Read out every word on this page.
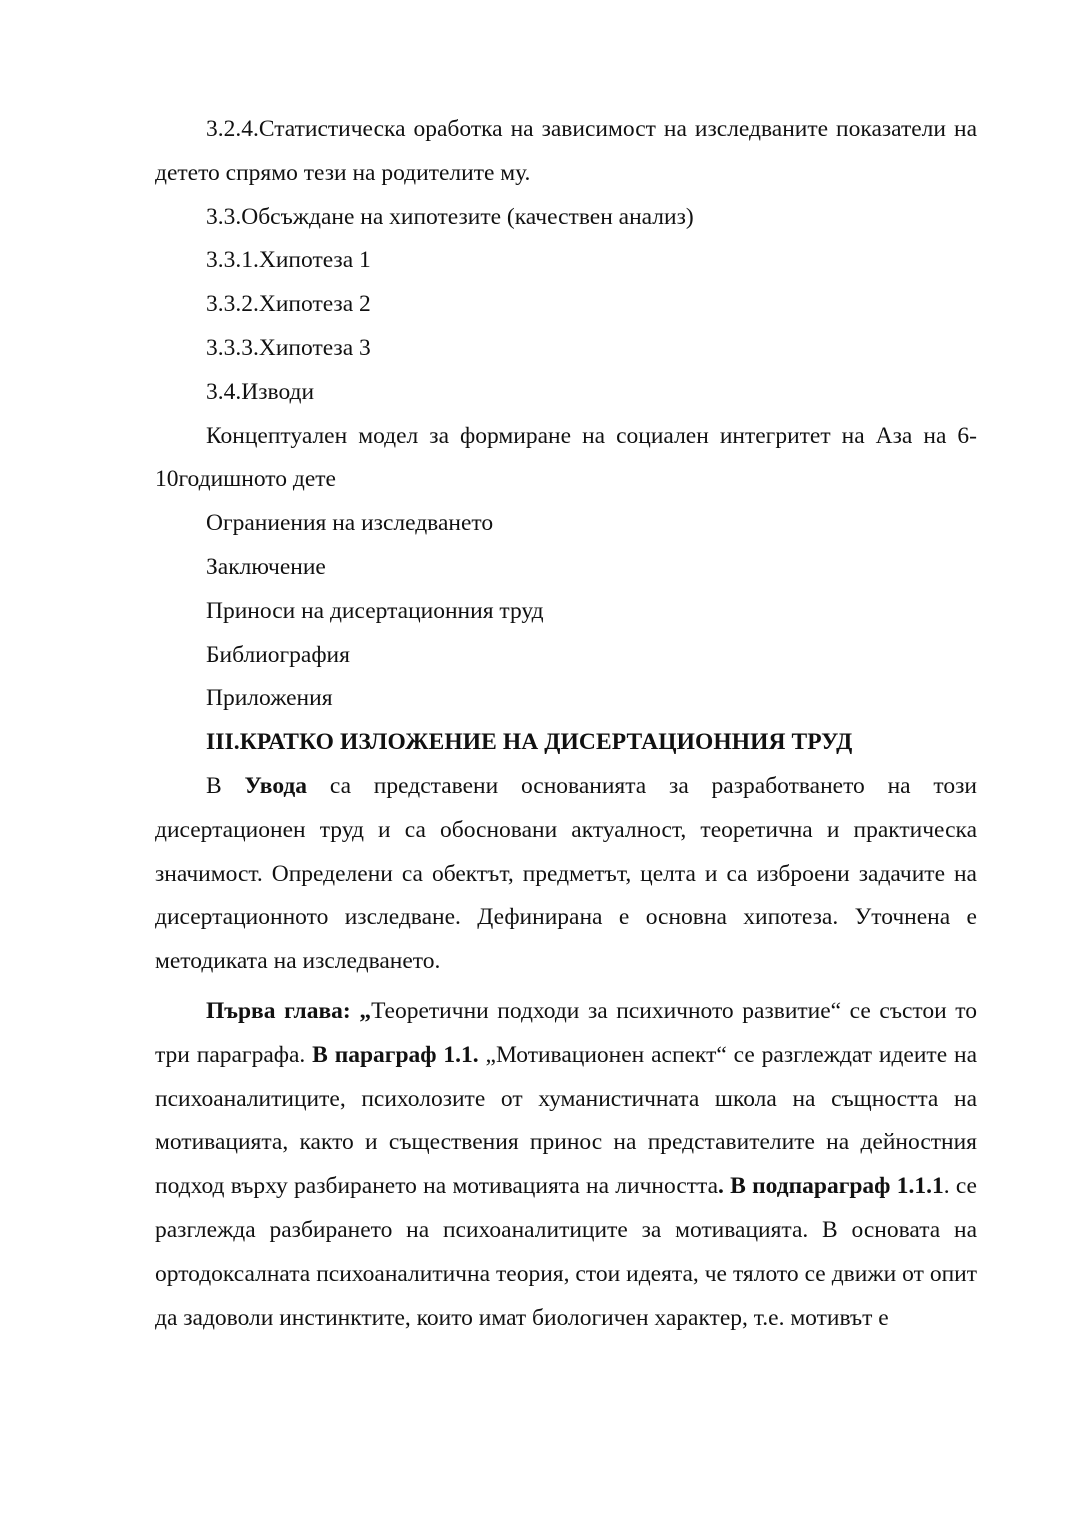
3.2.4.Статистическа оработка на зависимост на изследваните показатели на детето спрямо тези на родителите му.

3.3.Обсъждане на хипотезите (качествен анализ)

3.3.1.Хипотеза 1

3.3.2.Хипотеза 2

3.3.3.Хипотеза 3

3.4.Изводи

Концептуален модел за формиране на социален интегритет на Аза на 6-10годишното дете

Ограниения на изследването

Заключение

Приноси на дисертационния труд

Библиография

Приложения

III.КРАТКО ИЗЛОЖЕНИЕ НА ДИСЕРТАЦИОННИЯ ТРУД

В Увода са представени основанията за разработването на този дисертационен труд и са обосновани актуалност, теоретична и практическа значимост. Определени са обектът, предметът, целта и са изброени задачите на дисертационното изследване. Дефинирана е основна хипотеза. Уточнена е методиката на изследването.

Първа глава: „Теоретични подходи за психичното развитие“ се състои то три параграфа. В параграф 1.1. „Мотивационен аспект“ се разглеждат идеите на психоаналитиците, психолозите от хуманистичната школа на същността на мотивацията, както и съществения принос на представителите на дейностния подход върху разбирането на мотивацията на личността. В подпараграф 1.1.1. се разглежда разбирането на психоаналитиците за мотивацията. В основата на ортодоксалната психоаналитична теория, стои идеята, че тялото се движи от опит да задоволи инстинктите, които имат биологичен характер, т.е. мотивът е
